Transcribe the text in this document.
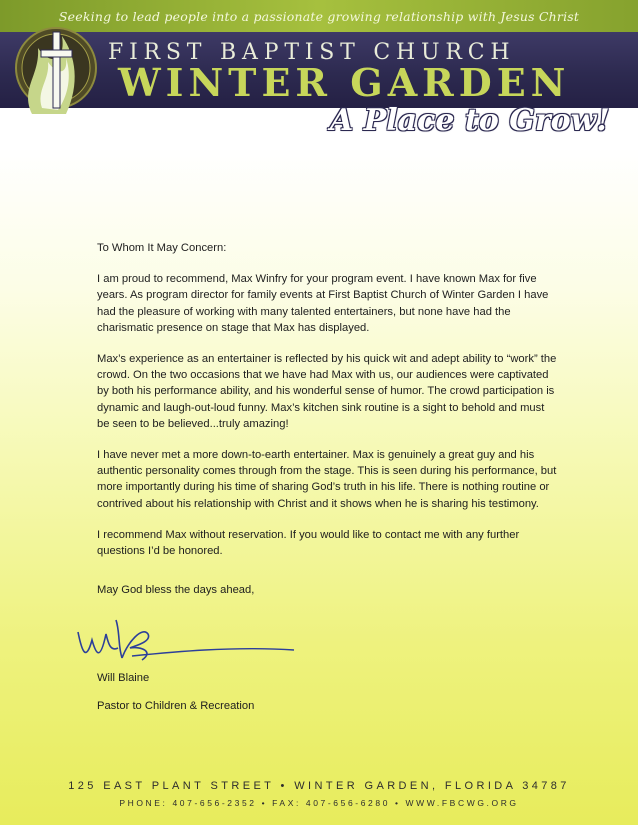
Seeking to lead people into a passionate growing relationship with Jesus Christ
FIRST BAPTIST CHURCH
WINTER GARDEN
A Place to Grow!

To Whom It May Concern:

I am proud to recommend, Max Winfry for your program event. I have known Max for five years. As program director for family events at First Baptist Church of Winter Garden I have had the pleasure of working with many talented entertainers, but none have had the charismatic presence on stage that Max has displayed.

Max’s experience as an entertainer is reflected by his quick wit and adept ability to “work” the crowd. On the two occasions that we have had Max with us, our audiences were captivated by both his performance ability, and his wonderful sense of humor. The crowd participation is dynamic and laugh-out-loud funny. Max’s kitchen sink routine is a sight to behold and must be seen to be believed...truly amazing!

I have never met a more down-to-earth entertainer. Max is genuinely a great guy and his authentic personality comes through from the stage. This is seen during his performance, but more importantly during his time of sharing God’s truth in his life. There is nothing routine or contrived about his relationship with Christ and it shows when he is sharing his testimony.

I recommend Max without reservation. If you would like to contact me with any further questions I’d be honored.

May God bless the days ahead,
Will Blaine
Pastor to Children & Recreation
125 EAST PLANT STREET • WINTER GARDEN, FLORIDA 34787
PHONE: 407-656-2352 • FAX: 407-656-6280 • WWW.FBCWG.ORG
